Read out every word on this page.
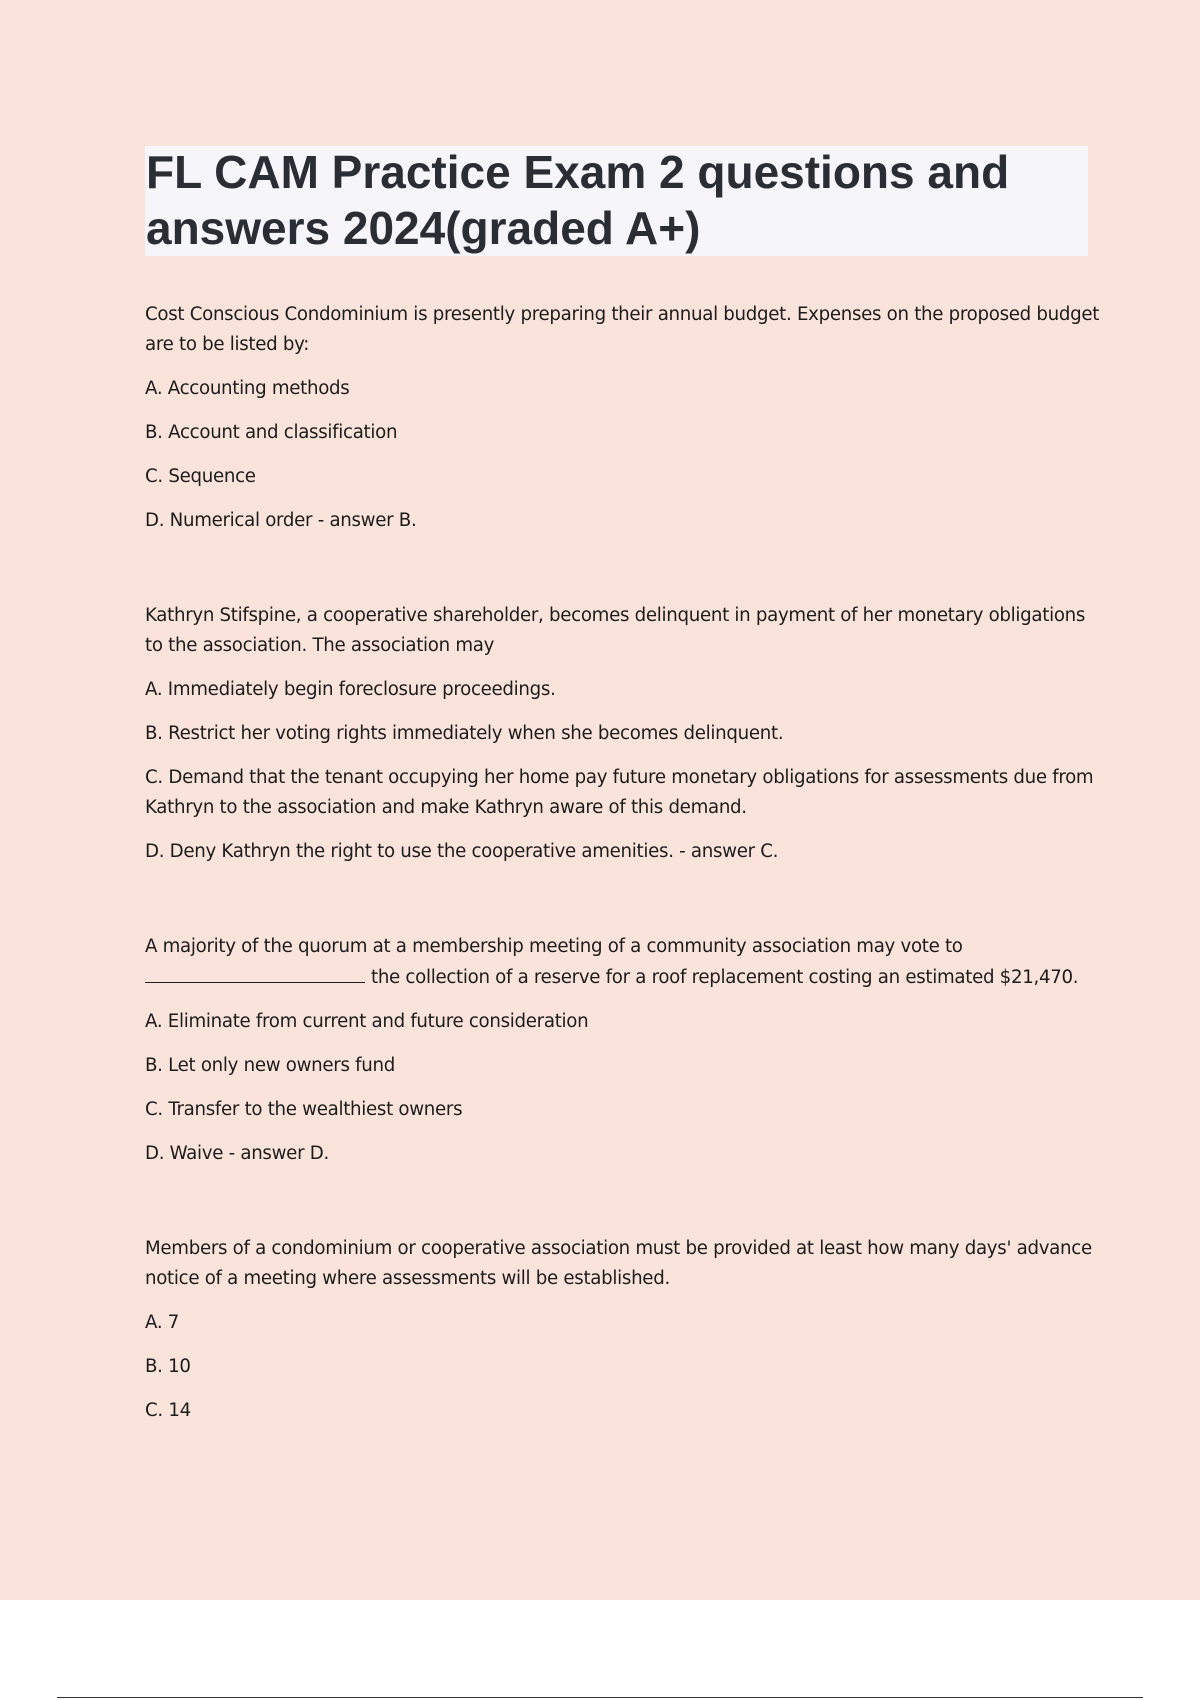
FL CAM Practice Exam 2 questions and answers 2024(graded A+)

Cost Conscious Condominium is presently preparing their annual budget. Expenses on the proposed budget are to be listed by:

A. Accounting methods

B. Account and classification

C. Sequence

D. Numerical order - answer B.

Kathryn Stifspine, a cooperative shareholder, becomes delinquent in payment of her monetary obligations to the association. The association may

A. Immediately begin foreclosure proceedings.

B. Restrict her voting rights immediately when she becomes delinquent.

C. Demand that the tenant occupying her home pay future monetary obligations for assessments due from Kathryn to the association and make Kathryn aware of this demand.

D. Deny Kathryn the right to use the cooperative amenities. - answer C.

A majority of the quorum at a membership meeting of a community association may vote to
the collection of a reserve for a roof replacement costing an estimated $21,470.

A. Eliminate from current and future consideration

B. Let only new owners fund

C. Transfer to the wealthiest owners

D. Waive - answer D.

Members of a condominium or cooperative association must be provided at least how many days' advance notice of a meeting where assessments will be established.

A. 7

B. 10

C. 14
